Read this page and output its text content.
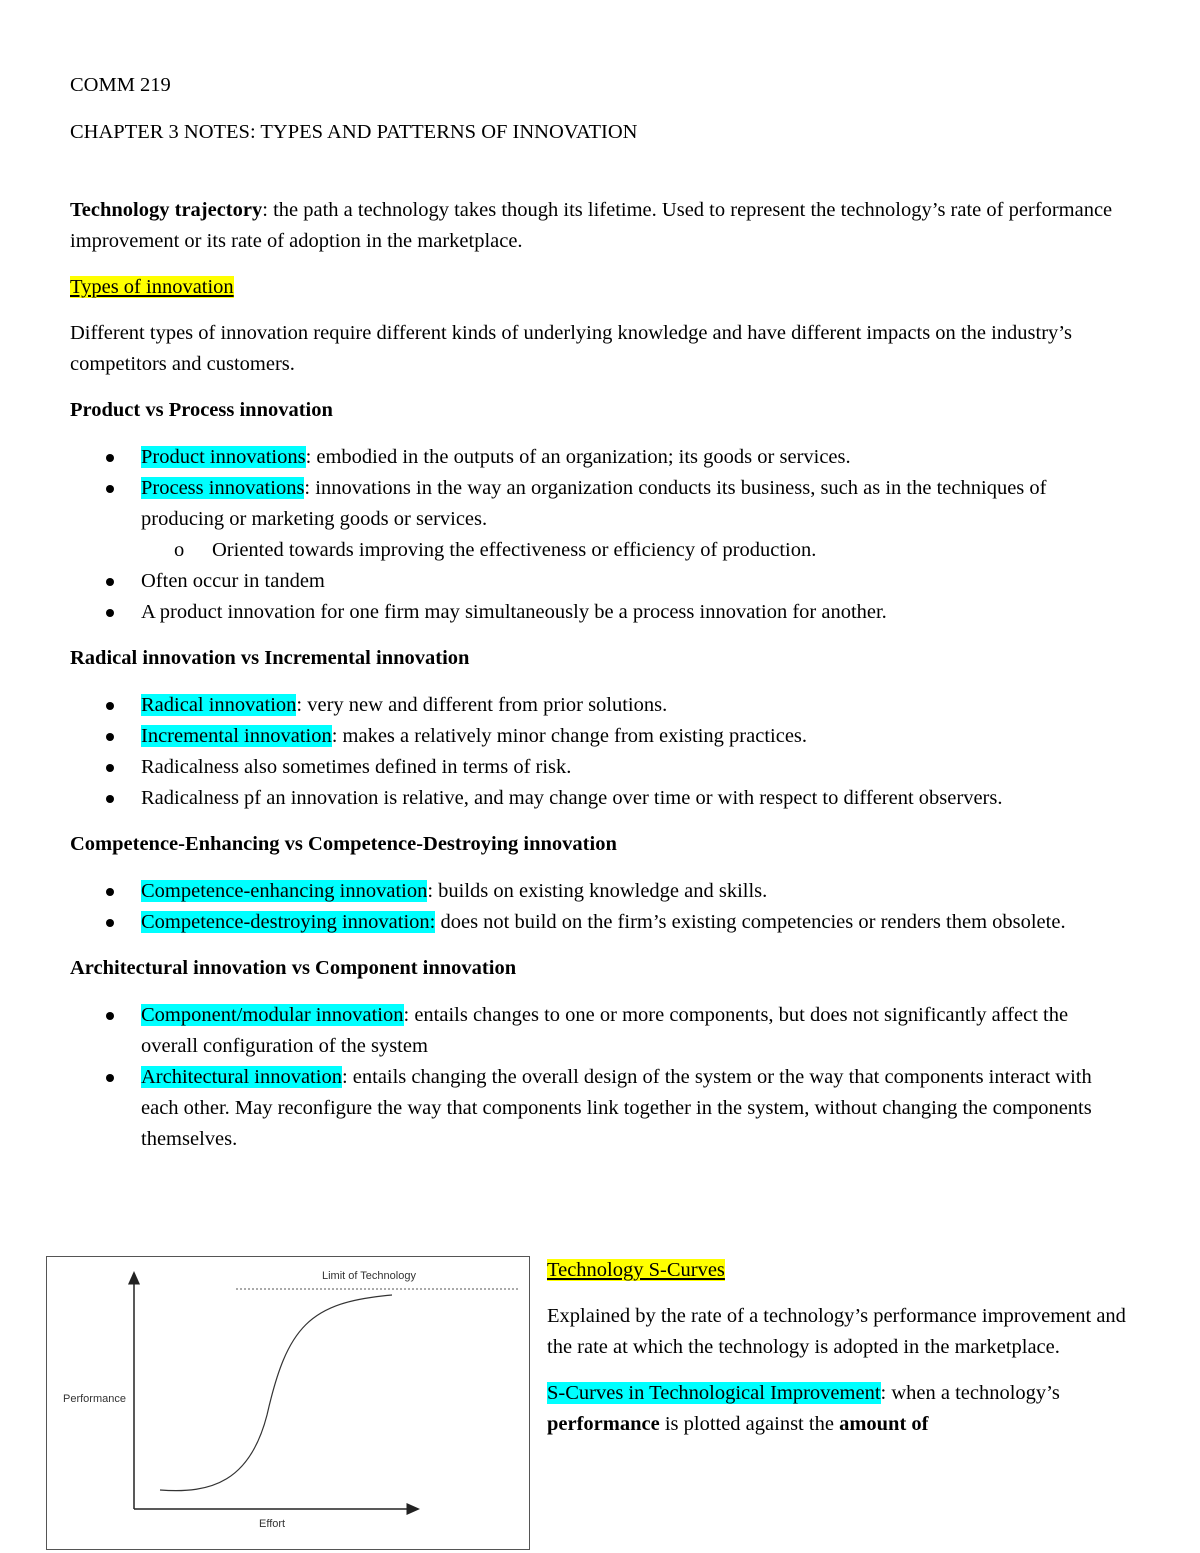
COMM 219

CHAPTER 3 NOTES: TYPES AND PATTERNS OF INNOVATION

Technology trajectory: the path a technology takes though its lifetime. Used to represent the technology’s rate of performance improvement or its rate of adoption in the marketplace.

Types of innovation

Different types of innovation require different kinds of underlying knowledge and have different impacts on the industry’s competitors and customers.

Product vs Process innovation

Product innovations: embodied in the outputs of an organization; its goods or services.
Process innovations: innovations in the way an organization conducts its business, such as in the techniques of producing or marketing goods or services.
o Oriented towards improving the effectiveness or efficiency of production.
Often occur in tandem
A product innovation for one firm may simultaneously be a process innovation for another.

Radical innovation vs Incremental innovation

Radical innovation: very new and different from prior solutions.
Incremental innovation: makes a relatively minor change from existing practices.
Radicalness also sometimes defined in terms of risk.
Radicalness pf an innovation is relative, and may change over time or with respect to different observers.

Competence-Enhancing vs Competence-Destroying innovation

Competence-enhancing innovation: builds on existing knowledge and skills.
Competence-destroying innovation: does not build on the firm’s existing competencies or renders them obsolete.

Architectural innovation vs Component innovation

Component/modular innovation: entails changes to one or more components, but does not significantly affect the overall configuration of the system
Architectural innovation: entails changing the overall design of the system or the way that components interact with each other. May reconfigure the way that components link together in the system, without changing the components themselves.
Limit of Technology
Performance
Effort

Technology S-Curves

Explained by the rate of a technology’s performance improvement and the rate at which the technology is adopted in the marketplace.

S-Curves in Technological Improvement: when a technology’s performance is plotted against the amount of
